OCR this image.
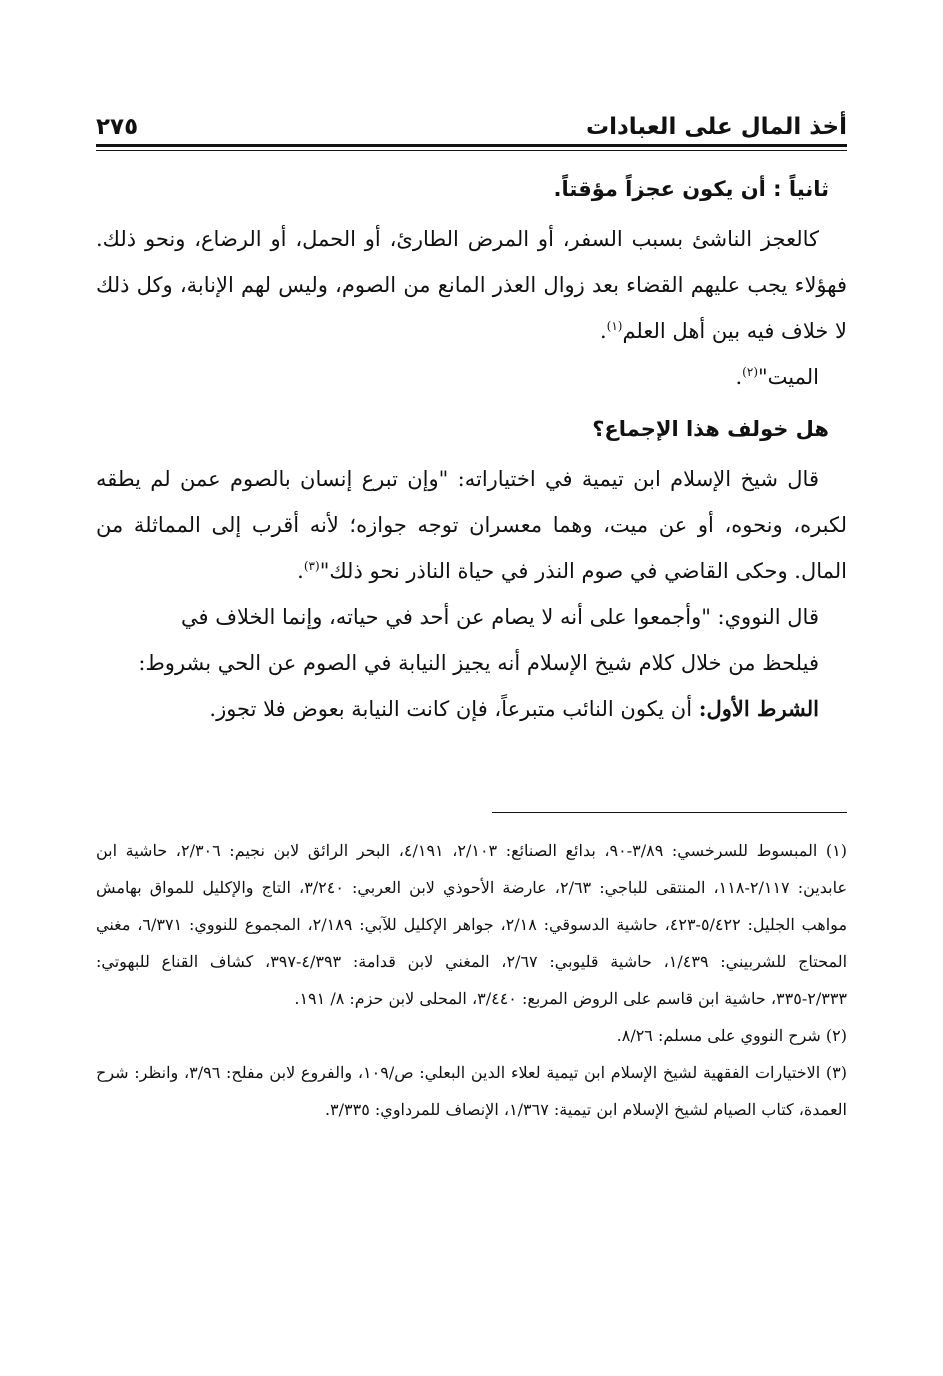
أخذ المال على العبادات
٢٧٥
ثانياً : أن يكون عجزاً مؤقتاً.

كالعجز الناشئ بسبب السفر، أو المرض الطارئ، أو الحمل، أو الرضاع، ونحو ذلك. فهؤلاء يجب عليهم القضاء بعد زوال العذر المانع من الصوم، وليس لهم الإنابة، وكل ذلك لا خلاف فيه بين أهل العلم$^{(١)}$.

الميت"$^{(٢)}$.

هل خولف هذا الإجماع؟

قال شيخ الإسلام ابن تيمية في اختياراته: "وإن تبرع إنسان بالصوم عمن لم يطقه لكبره، ونحوه، أو عن ميت، وهما معسران توجه جوازه؛ لأنه أقرب إلى المماثلة من المال. وحكى القاضي في صوم النذر في حياة الناذر نحو ذلك"$^{(٣)}$.

قال النووي: "وأجمعوا على أنه لا يصام عن أحد في حياته، وإنما الخلاف في

فيلحظ من خلال كلام شيخ الإسلام أنه يجيز النيابة في الصوم عن الحي بشروط:

الشرط الأول: أن يكون النائب متبرعاً، فإن كانت النيابة بعوض فلا تجوز.

(١) المبسوط للسرخسي: ٣/٨٩-٩٠، بدائع الصنائع: ٢/١٠٣، ٤/١٩١، البحر الرائق لابن نجيم: ٢/٣٠٦، حاشية ابن عابدين: ٢/١١٧-١١٨، المنتقى للباجي: ٢/٦٣، عارضة الأحوذي لابن العربي: ٣/٢٤٠، التاج والإكليل للمواق بهامش مواهب الجليل: ٥/٤٢٢-٤٢٣، حاشية الدسوقي: ٢/١٨، جواهر الإكليل للآبي: ٢/١٨٩، المجموع للنووي: ٦/٣٧١، مغني المحتاج للشربيني: ١/٤٣٩، حاشية قليوبي: ٢/٦٧، المغني لابن قدامة: ٤/٣٩٣-٣٩٧، كشاف القناع للبهوتي: ٢/٣٣٣-٣٣٥، حاشية ابن قاسم على الروض المربع: ٣/٤٤٠، المحلى لابن حزم: ٨/ ١٩١.

(٢) شرح النووي على مسلم: ٨/٢٦.

(٣) الاختيارات الفقهية لشيخ الإسلام ابن تيمية لعلاء الدين البعلي: ص/١٠٩، والفروع لابن مفلح: ٣/٩٦، وانظر: شرح العمدة، كتاب الصيام لشيخ الإسلام ابن تيمية: ١/٣٦٧، الإنصاف للمرداوي: ٣/٣٣٥.
